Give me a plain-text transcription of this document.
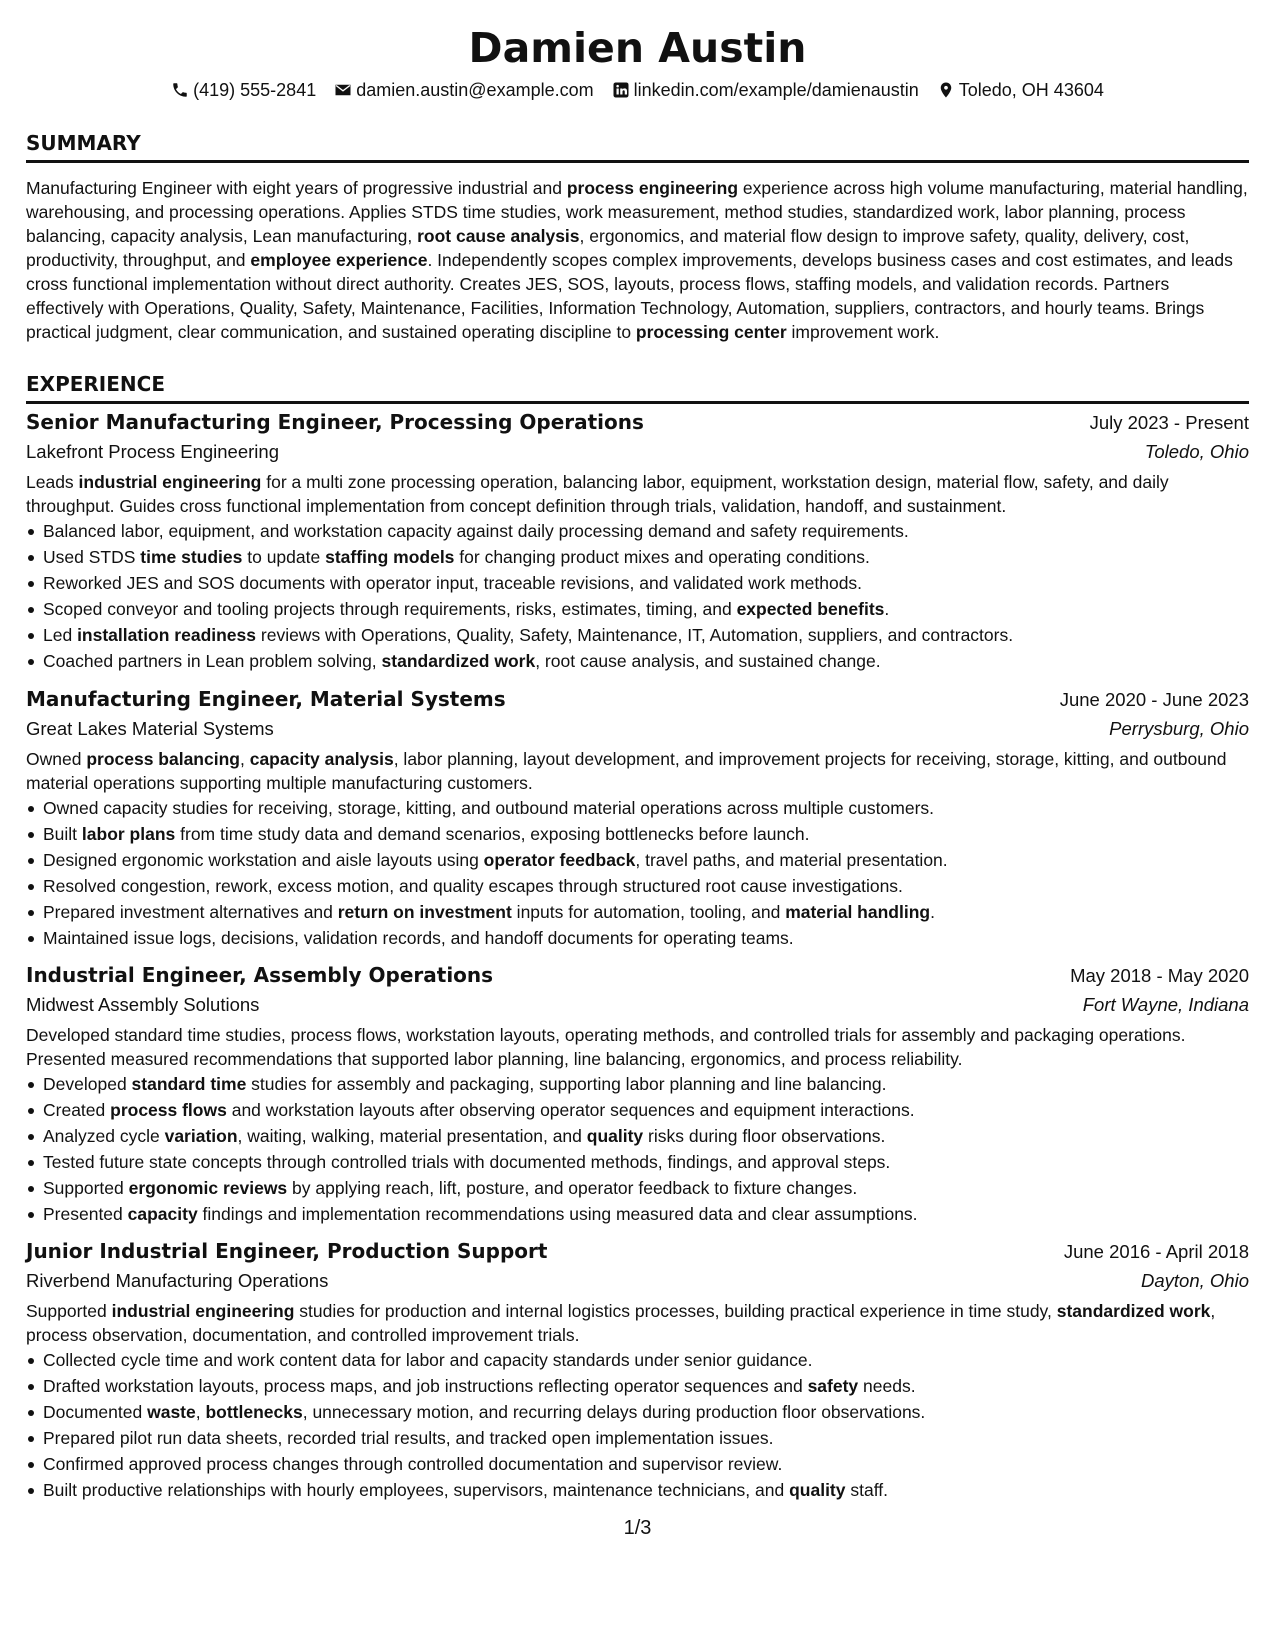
Damien Austin
(419) 555-2841 damien.austin@example.com linkedin.com/example/damienaustin Toledo, OH 43604
SUMMARY

Manufacturing Engineer with eight years of progressive industrial and process engineering experience across high volume manufacturing, material handling, warehousing, and processing operations. Applies STDS time studies, work measurement, method studies, standardized work, labor planning, process balancing, capacity analysis, Lean manufacturing, root cause analysis, ergonomics, and material flow design to improve safety, quality, delivery, cost, productivity, throughput, and employee experience. Independently scopes complex improvements, develops business cases and cost estimates, and leads cross functional implementation without direct authority. Creates JES, SOS, layouts, process flows, staffing models, and validation records. Partners effectively with Operations, Quality, Safety, Maintenance, Facilities, Information Technology, Automation, suppliers, contractors, and hourly teams. Brings practical judgment, clear communication, and sustained operating discipline to processing center improvement work.

EXPERIENCE
Senior Manufacturing Engineer, Processing Operations	July 2023 - Present
Lakefront Process Engineering	Toledo, Ohio

Leads industrial engineering for a multi zone processing operation, balancing labor, equipment, workstation design, material flow, safety, and daily throughput. Guides cross functional implementation from concept definition through trials, validation, handoff, and sustainment.

Balanced labor, equipment, and workstation capacity against daily processing demand and safety requirements.
Used STDS time studies to update staffing models for changing product mixes and operating conditions.
Reworked JES and SOS documents with operator input, traceable revisions, and validated work methods.
Scoped conveyor and tooling projects through requirements, risks, estimates, timing, and expected benefits.
Led installation readiness reviews with Operations, Quality, Safety, Maintenance, IT, Automation, suppliers, and contractors.
Coached partners in Lean problem solving, standardized work, root cause analysis, and sustained change.
Manufacturing Engineer, Material Systems	June 2020 - June 2023
Great Lakes Material Systems	Perrysburg, Ohio

Owned process balancing, capacity analysis, labor planning, layout development, and improvement projects for receiving, storage, kitting, and outbound material operations supporting multiple manufacturing customers.

Owned capacity studies for receiving, storage, kitting, and outbound material operations across multiple customers.
Built labor plans from time study data and demand scenarios, exposing bottlenecks before launch.
Designed ergonomic workstation and aisle layouts using operator feedback, travel paths, and material presentation.
Resolved congestion, rework, excess motion, and quality escapes through structured root cause investigations.
Prepared investment alternatives and return on investment inputs for automation, tooling, and material handling.
Maintained issue logs, decisions, validation records, and handoff documents for operating teams.
Industrial Engineer, Assembly Operations	May 2018 - May 2020
Midwest Assembly Solutions	Fort Wayne, Indiana

Developed standard time studies, process flows, workstation layouts, operating methods, and controlled trials for assembly and packaging operations. Presented measured recommendations that supported labor planning, line balancing, ergonomics, and process reliability.

Developed standard time studies for assembly and packaging, supporting labor planning and line balancing.
Created process flows and workstation layouts after observing operator sequences and equipment interactions.
Analyzed cycle variation, waiting, walking, material presentation, and quality risks during floor observations.
Tested future state concepts through controlled trials with documented methods, findings, and approval steps.
Supported ergonomic reviews by applying reach, lift, posture, and operator feedback to fixture changes.
Presented capacity findings and implementation recommendations using measured data and clear assumptions.
Junior Industrial Engineer, Production Support	June 2016 - April 2018
Riverbend Manufacturing Operations	Dayton, Ohio

Supported industrial engineering studies for production and internal logistics processes, building practical experience in time study, standardized work, process observation, documentation, and controlled improvement trials.

Collected cycle time and work content data for labor and capacity standards under senior guidance.
Drafted workstation layouts, process maps, and job instructions reflecting operator sequences and safety needs.
Documented waste, bottlenecks, unnecessary motion, and recurring delays during production floor observations.
Prepared pilot run data sheets, recorded trial results, and tracked open implementation issues.
Confirmed approved process changes through controlled documentation and supervisor review.
Built productive relationships with hourly employees, supervisors, maintenance technicians, and quality staff.
1/3
